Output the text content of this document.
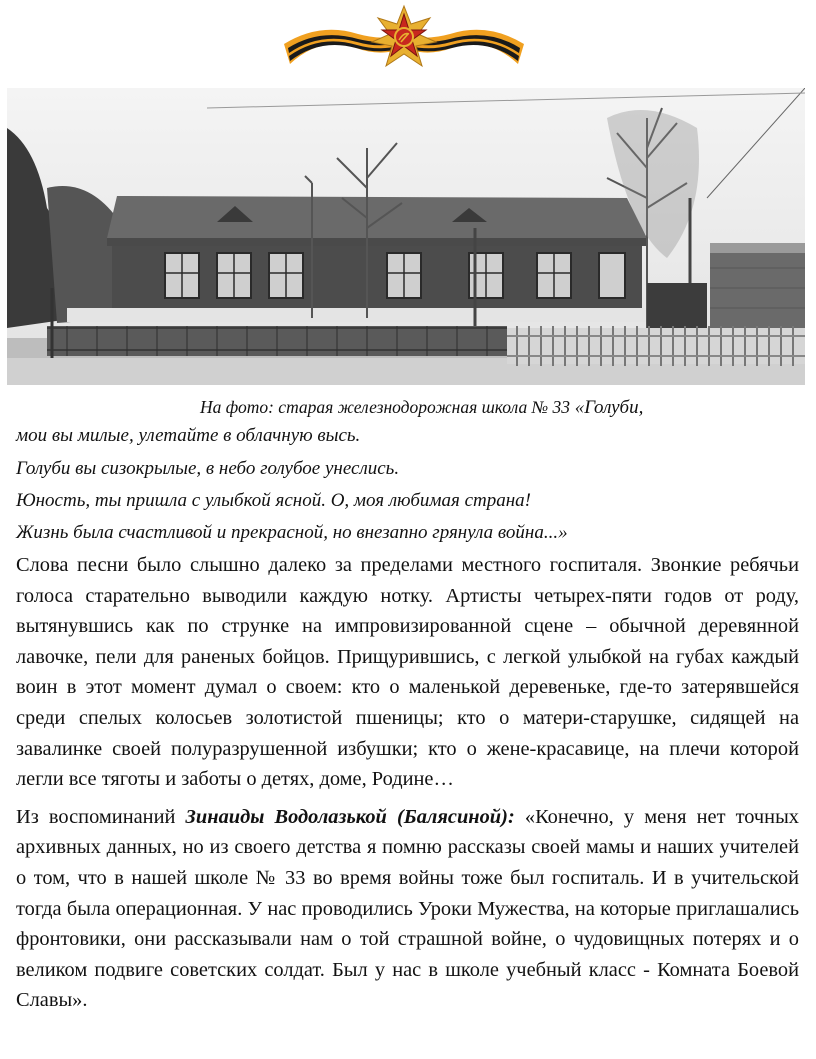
На фото: старая железнодорожная школа № 33 «Голуби,
мои вы милые, улетайте в облачную высь.
Голуби вы сизокрылые, в небо голубое унеслись.
Юность, ты пришла с улыбкой ясной. О, моя любимая страна!
Жизнь была счастливой и прекрасной, но внезапно грянула война...»

Слова песни было слышно далеко за пределами местного госпиталя. Звонкие ребячьи голоса старательно выводили каждую нотку. Артисты четырех-пяти годов от роду, вытянувшись как по струнке на импровизированной сцене – обычной деревянной лавочке, пели для раненых бойцов. Прищурившись, с легкой улыбкой на губах каждый воин в этот момент думал о своем: кто о маленькой деревеньке, где-то затерявшейся среди спелых колосьев золотистой пшеницы; кто о матери-старушке, сидящей на завалинке своей полуразрушенной избушки; кто о жене-красавице, на плечи которой легли все тяготы и заботы о детях, доме, Родине…

Из воспоминаний Зинаиды Водолазькой (Балясиной): «Конечно, у меня нет точных архивных данных, но из своего детства я помню рассказы своей мамы и наших учителей о том, что в нашей школе № 33 во время войны тоже был госпиталь. И в учительской тогда была операционная. У нас проводились Уроки Мужества, на которые приглашались фронтовики, они рассказывали нам о той страшной войне, о чудовищных потерях и о великом подвиге советских солдат. Был у нас в школе учебный класс - Комната Боевой Славы».
